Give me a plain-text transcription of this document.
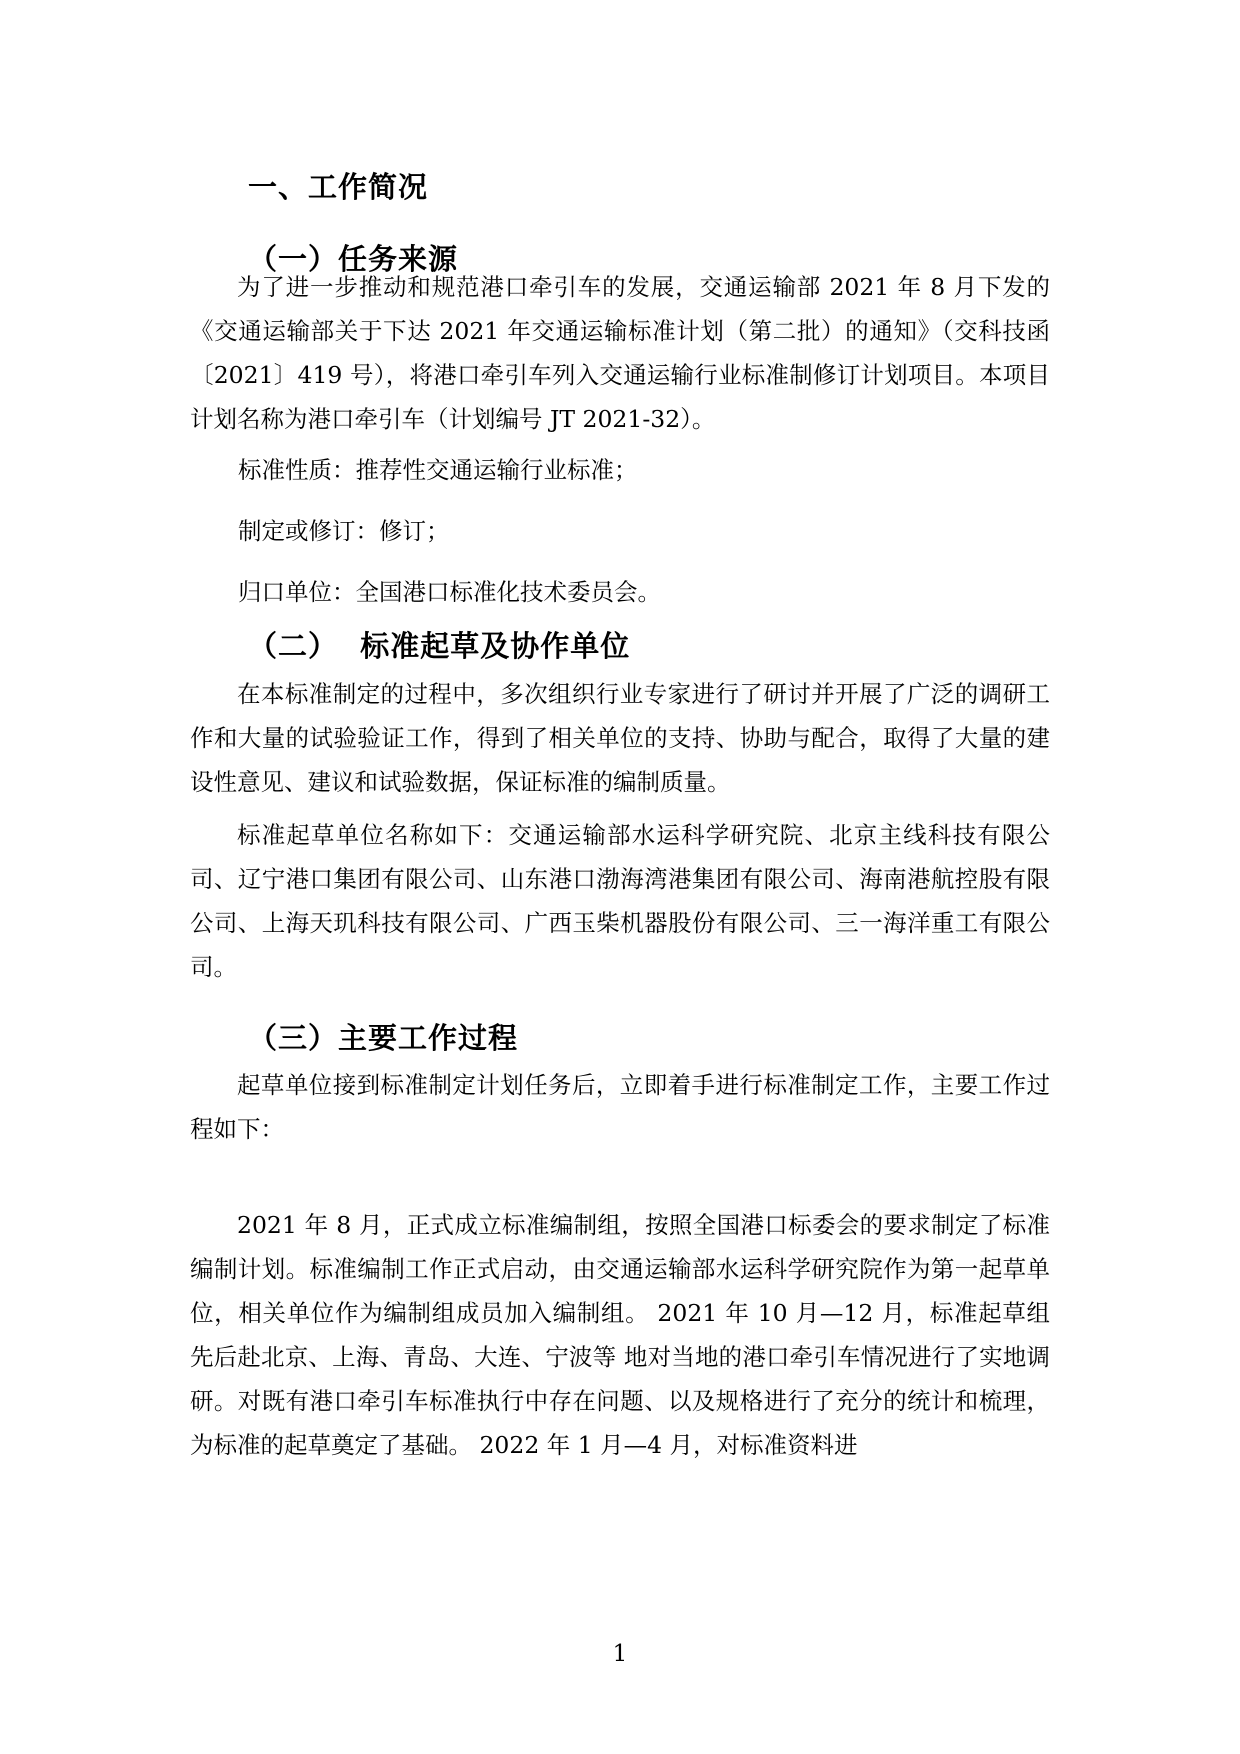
一、工作简况
（一）任务来源

为了进一步推动和规范港口牵引车的发展，交通运输部 2021 年 8 月下发的《交通运输部关于下达 2021 年交通运输标准计划（第二批）的通知》（交科技函〔2021〕419 号），将港口牵引车列入交通运输行业标准制修订计划项目。本项目计划名称为港口牵引车（计划编号 JT 2021-32）。

标准性质：推荐性交通运输行业标准；

制定或修订：修订；

归口单位：全国港口标准化技术委员会。

（二）  标准起草及协作单位

在本标准制定的过程中，多次组织行业专家进行了研讨并开展了广泛的调研工作和大量的试验验证工作，得到了相关单位的支持、协助与配合，取得了大量的建设性意见、建议和试验数据，保证标准的编制质量。

标准起草单位名称如下：交通运输部水运科学研究院、北京主线科技有限公司、辽宁港口集团有限公司、山东港口渤海湾港集团有限公司、海南港航控股有限公司、上海天玑科技有限公司、广西玉柴机器股份有限公司、三一海洋重工有限公司。

（三）主要工作过程

起草单位接到标准制定计划任务后，立即着手进行标准制定工作，主要工作过程如下：

2021 年 8 月，正式成立标准编制组，按照全国港口标委会的要求制定了标准编制计划。标准编制工作正式启动，由交通运输部水运科学研究院作为第一起草单位，相关单位作为编制组成员加入编制组。 2021 年 10 月—12 月，标准起草组先后赴北京、上海、青岛、大连、宁波等 地对当地的港口牵引车情况进行了实地调研。对既有港口牵引车标准执行中存在问题、以及规格进行了充分的统计和梳理，为标准的起草奠定了基础。 2022 年 1 月—4 月，对标准资料进

1
